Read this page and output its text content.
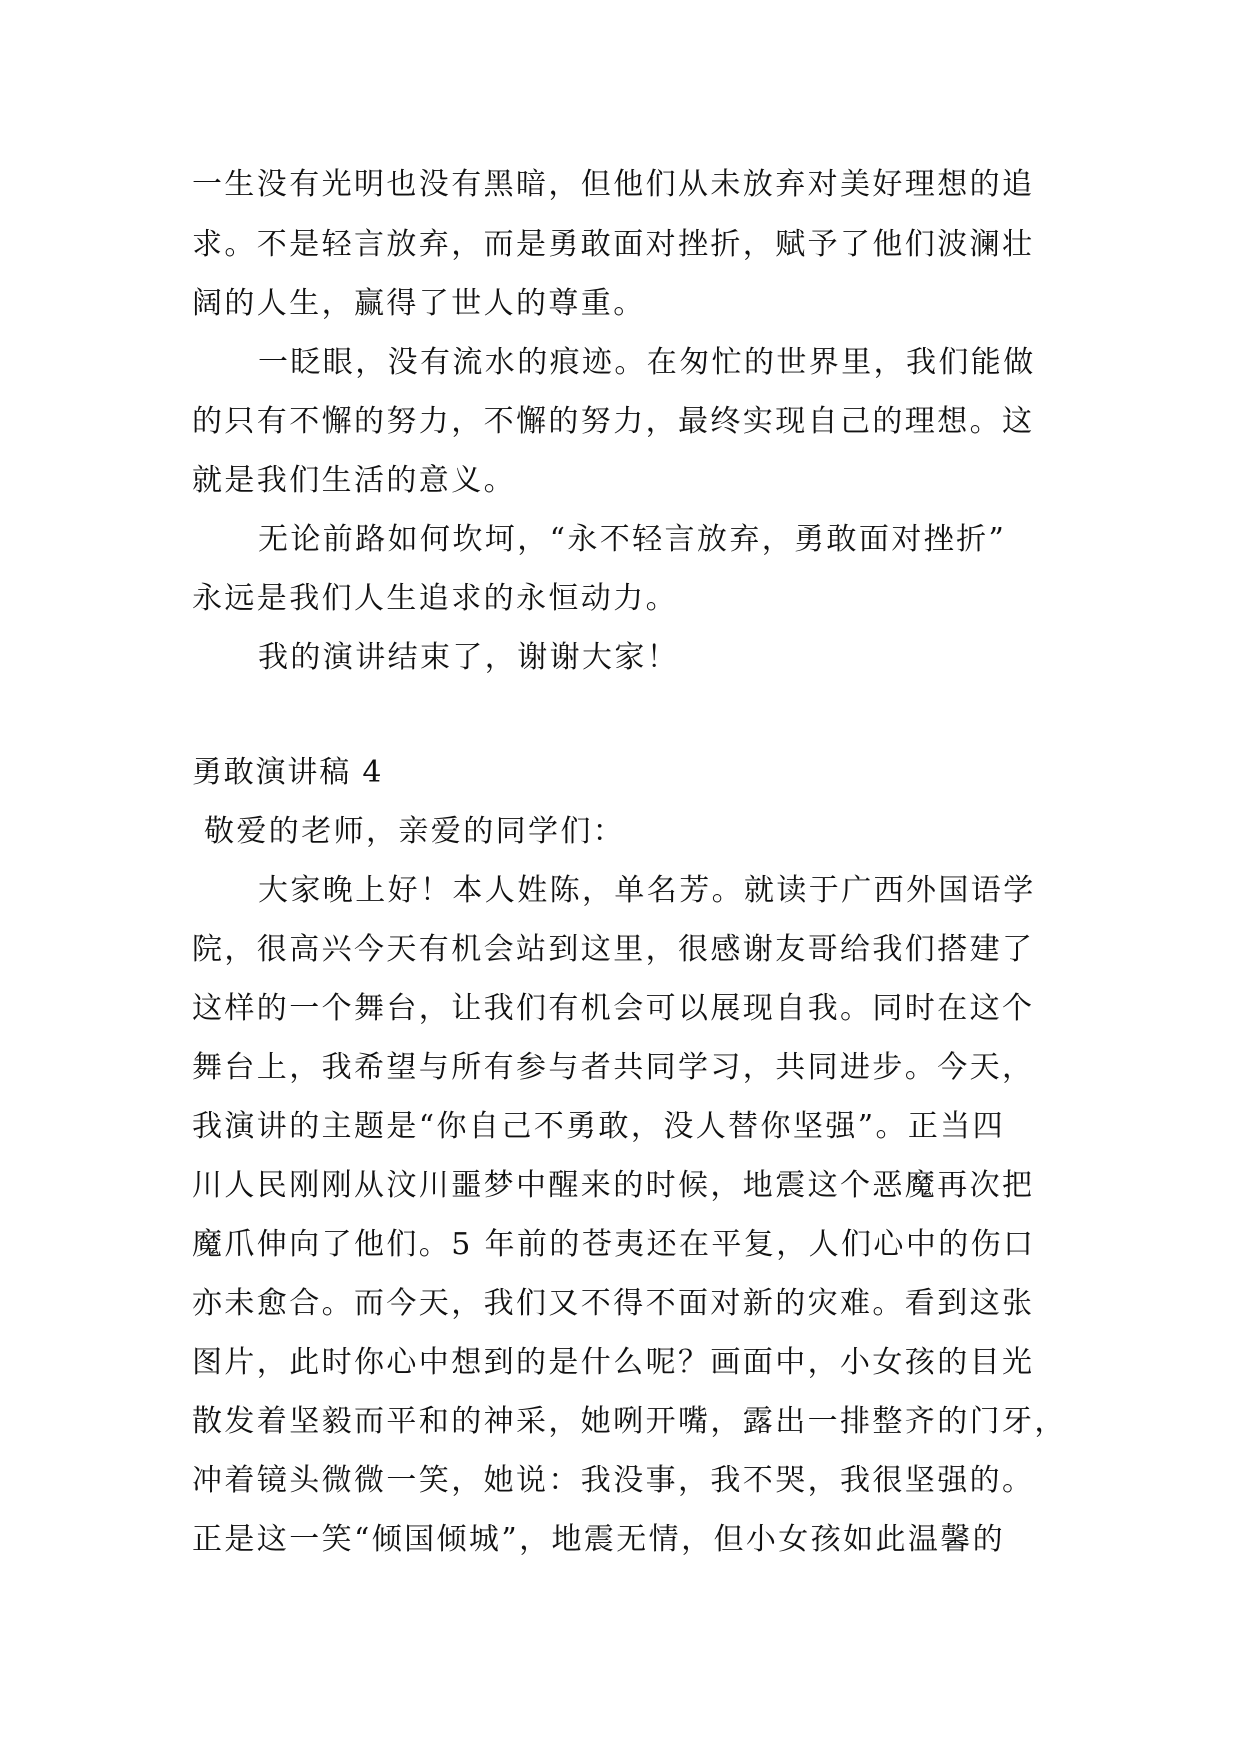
一生没有光明也没有黑暗，但他们从未放弃对美好理想的追
求。不是轻言放弃，而是勇敢面对挫折，赋予了他们波澜壮
阔的人生，赢得了世人的尊重。
一眨眼，没有流水的痕迹。在匆忙的世界里，我们能做
的只有不懈的努力，不懈的努力，最终实现自己的理想。这
就是我们生活的意义。
无论前路如何坎坷，“永不轻言放弃，勇敢面对挫折”
永远是我们人生追求的永恒动力。
我的演讲结束了，谢谢大家！
勇敢演讲稿 4
敬爱的老师，亲爱的同学们：
大家晚上好！本人姓陈，单名芳。就读于广西外国语学
院，很高兴今天有机会站到这里，很感谢友哥给我们搭建了
这样的一个舞台，让我们有机会可以展现自我。同时在这个
舞台上，我希望与所有参与者共同学习，共同进步。今天，
我演讲的主题是“你自己不勇敢，没人替你坚强”。正当四
川人民刚刚从汶川噩梦中醒来的时候，地震这个恶魔再次把
魔爪伸向了他们。5 年前的苍夷还在平复，人们心中的伤口
亦未愈合。而今天，我们又不得不面对新的灾难。看到这张
图片，此时你心中想到的是什么呢？画面中，小女孩的目光
散发着坚毅而平和的神采，她咧开嘴，露出一排整齐的门牙，
冲着镜头微微一笑，她说：我没事，我不哭，我很坚强的。
正是这一笑“倾国倾城”，地震无情，但小女孩如此温馨的
